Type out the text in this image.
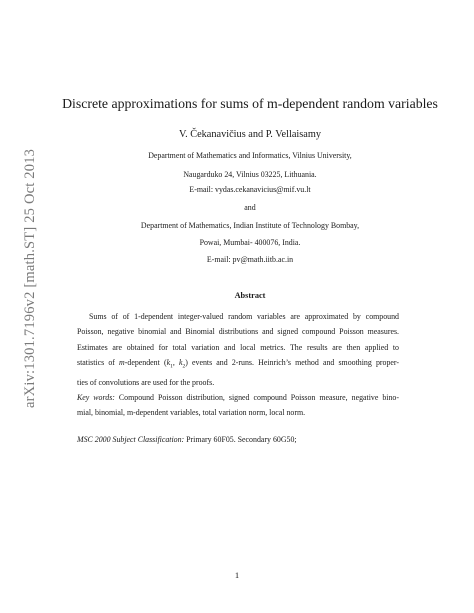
arXiv:1301.7196v2 [math.ST] 25 Oct 2013
Discrete approximations for sums of m-dependent random variables
V. Čekanavičius and P. Vellaisamy
Department of Mathematics and Informatics, Vilnius University,
Naugarduko 24, Vilnius 03225, Lithuania.
E-mail: vydas.cekanavicius@mif.vu.lt
and
Department of Mathematics, Indian Institute of Technology Bombay,
Powai, Mumbai- 400076, India.
E-mail: pv@math.iitb.ac.in
Abstract
Sums of of 1-dependent integer-valued random variables are approximated by compound
Poisson, negative binomial and Binomial distributions and signed compound Poisson measures.
Estimates are obtained for total variation and local metrics. The results are then applied to
statistics of m-dependent ($k_1$, $k_2$) events and 2-runs. Heinrich’s method and smoothing proper-
ties of convolutions are used for the proofs.
Key words: Compound Poisson distribution, signed compound Poisson measure, negative bino-
mial, binomial, m-dependent variables, total variation norm, local norm.
MSC 2000 Subject Classification: Primary 60F05. Secondary 60G50;
1
